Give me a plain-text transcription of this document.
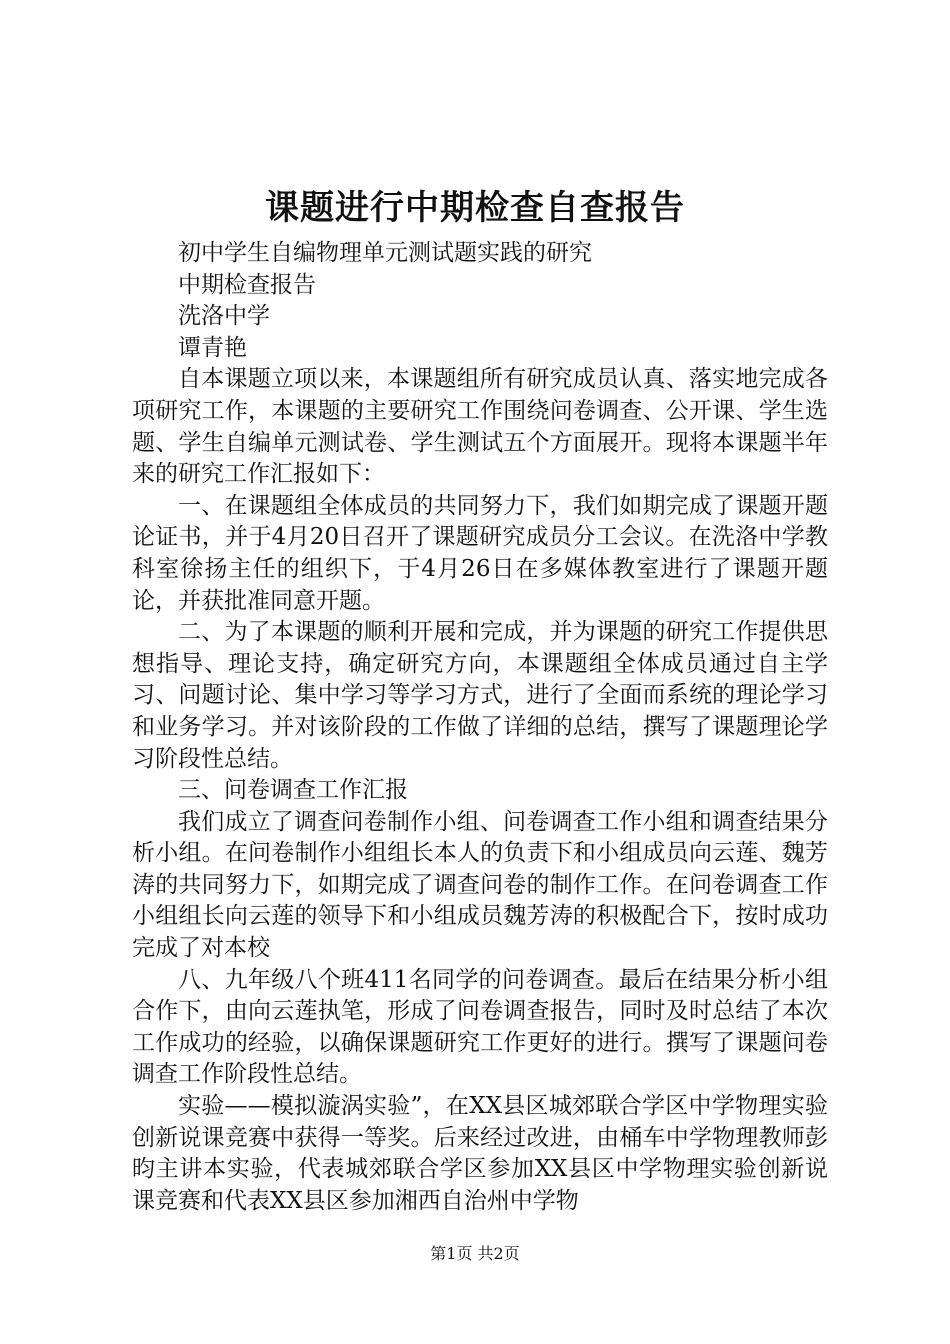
课题进行中期检查自查报告
初中学生自编物理单元测试题实践的研究
中期检查报告
洗洛中学
谭青艳

自本课题立项以来，本课题组所有研究成员认真、落实地完成各项研究工作，本课题的主要研究工作围绕问卷调查、公开课、学生选题、学生自编单元测试卷、学生测试五个方面展开。现将本课题半年来的研究工作汇报如下：

一、在课题组全体成员的共同努力下，我们如期完成了课题开题论证书，并于4月20日召开了课题研究成员分工会议。在洗洛中学教科室徐扬主任的组织下，于4月26日在多媒体教室进行了课题开题论，并获批准同意开题。

二、为了本课题的顺利开展和完成，并为课题的研究工作提供思想指导、理论支持，确定研究方向，本课题组全体成员通过自主学习、问题讨论、集中学习等学习方式，进行了全面而系统的理论学习和业务学习。并对该阶段的工作做了详细的总结，撰写了课题理论学习阶段性总结。

三、问卷调查工作汇报

我们成立了调查问卷制作小组、问卷调查工作小组和调查结果分析小组。在问卷制作小组组长本人的负责下和小组成员向云莲、魏芳涛的共同努力下，如期完成了调查问卷的制作工作。在问卷调查工作小组组长向云莲的领导下和小组成员魏芳涛的积极配合下，按时成功完成了对本校

八、九年级八个班411名同学的问卷调查。最后在结果分析小组合作下，由向云莲执笔，形成了问卷调查报告，同时及时总结了本次工作成功的经验，以确保课题研究工作更好的进行。撰写了课题问卷调查工作阶段性总结。

实验——模拟漩涡实验”，在XX县区城郊联合学区中学物理实验创新说课竞赛中获得一等奖。后来经过改进，由桶车中学物理教师彭昀主讲本实验，代表城郊联合学区参加XX县区中学物理实验创新说课竞赛和代表XX县区参加湘西自治州中学物

第1页 共2页
